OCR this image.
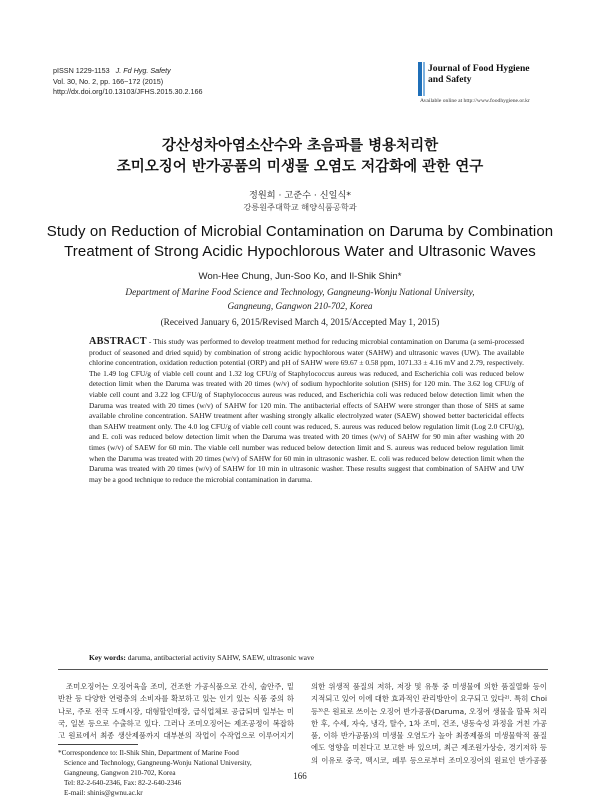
pISSN 1229-1153 J. Fd Hyg. Safety
Vol. 30, No. 2, pp. 166~172 (2015)
http://dx.doi.org/10.13103/JFHS.2015.30.2.166
Journal of Food Hygiene
and Safety
Available online at http://www.foodhygiene.or.kr
강산성차아염소산수와 초음파를 병용처리한
조미오징어 반가공품의 미생물 오염도 저감화에 관한 연구
정원희 · 고준수 · 신일식*
강릉원주대학교 해양식품공학과
Study on Reduction of Microbial Contamination on Daruma by Combination
Treatment of Strong Acidic Hypochlorous Water and Ultrasonic Waves
Won-Hee Chung, Jun-Soo Ko, and Il-Shik Shin*
Department of Marine Food Science and Technology, Gangneung-Wonju National University,
Gangneung, Gangwon 210-702, Korea
(Received January 6, 2015/Revised March 4, 2015/Accepted May 1, 2015)
ABSTRACT - This study was performed to develop treatment method for reducing microbial contamination on Daruma (a semi-processed product of seasoned and dried squid) by combination of strong acidic hypochlorous water (SAHW) and ultrasonic waves (UW). The available chlorine concentration, oxidation reduction potential (ORP) and pH of SAHW were 69.67 ± 0.58 ppm, 1071.33 ± 4.16 mV and 2.79, respectively. The 1.49 log CFU/g of viable cell count and 1.32 log CFU/g of Staphylococcus aureus was reduced, and Escherichia coli was reduced below detection limit when the Daruma was treated with 20 times (w/v) of sodium hypochlorite solution (SHS) for 120 min. The 3.62 log CFU/g of viable cell count and 3.22 log CFU/g of Staphylococcus aureus was reduced, and Escherichia coli was reduced below detection limit when the Daruma was treated with 20 times (w/v) of SAHW for 120 min. The antibacterial effects of SAHW were stronger than those of SHS at same available chroline concentration. SAHW treatment after washing strongly alkalic electrolyzed water (SAEW) showed better bactericidal effects than SAHW treatment only. The 4.0 log CFU/g of viable cell count was reduced, S. aureus was reduced below regulation limit (Log 2.0 CFU/g), and E. coli was reduced below detection limit when the Daruma was treated with 20 times (w/v) of SAHW for 90 min after washing with 20 times (w/v) of SAEW for 60 min. The viable cell number was reduced below detection limit and S. aureus was reduced below regulation limit when the Daruma was treated with 20 times (w/v) of SAHW for 60 min in ultrasonic washer. E. coli was reduced below detection limit when the Daruma was treated with 20 times (w/v) of SAHW for 10 min in ultrasonic washer. These results suggest that combination of SAHW and UW may be a good technique to reduce the microbial contamination in daruma.
Key words: daruma, antibacterial activity SAHW, SAEW, ultrasonic wave
조미오징어는 오징어육을 조미, 건조한 가공식품으로 간식, 술안주, 밑반찬 등 다양한 연령층의 소비자를 확보하고 있는 인기 있는 식품 중의 하나로, 주로 전국 도매시장, 대형할인매장, 급식업체로 공급되며 일부는 미국, 일본 등으로 수출하고 있다. 그러나 조미오징어는 제조공정이 복잡하고 원료에서 최종 생산제품까지 대부분의 작업이 수작업으로 이루어지기
의한 위생적 품질의 저하, 저장 및 유통 중 미생물에 의한 품질열화 등이 지적되고 있어 이에 대한 효과적인 관리방안이 요구되고 있다²⁾. 특히 Choi 등³⁾은 원료로 쓰이는 오징어 반가공품(Daruma, 오징어 생물을 할복 처리한 후, 수세, 자숙, 냉각, 탈수, 1차 조미, 건조, 냉동숙성 과정을 거친 가공품, 이하 반가공품)의 미생물 오염도가 높아 최종제품의 미생물학적 품질에도 영향을 미친다고 보고한 바 있으며, 최근 제조원가상승, 경기저하 등의 이유로 중국, 멕시코, 페루 등으로부터 조미오징어의 원료인 반가공품
166
*Correspondence to: Il-Shik Shin, Department of Marine Food
Science and Technology, Gangneung-Wonju National University,
Gangneung, Gangwon 210-702, Korea
Tel: 82-2-640-2346, Fax: 82-2-640-2346
E-mail: shinis@gwnu.ac.kr
